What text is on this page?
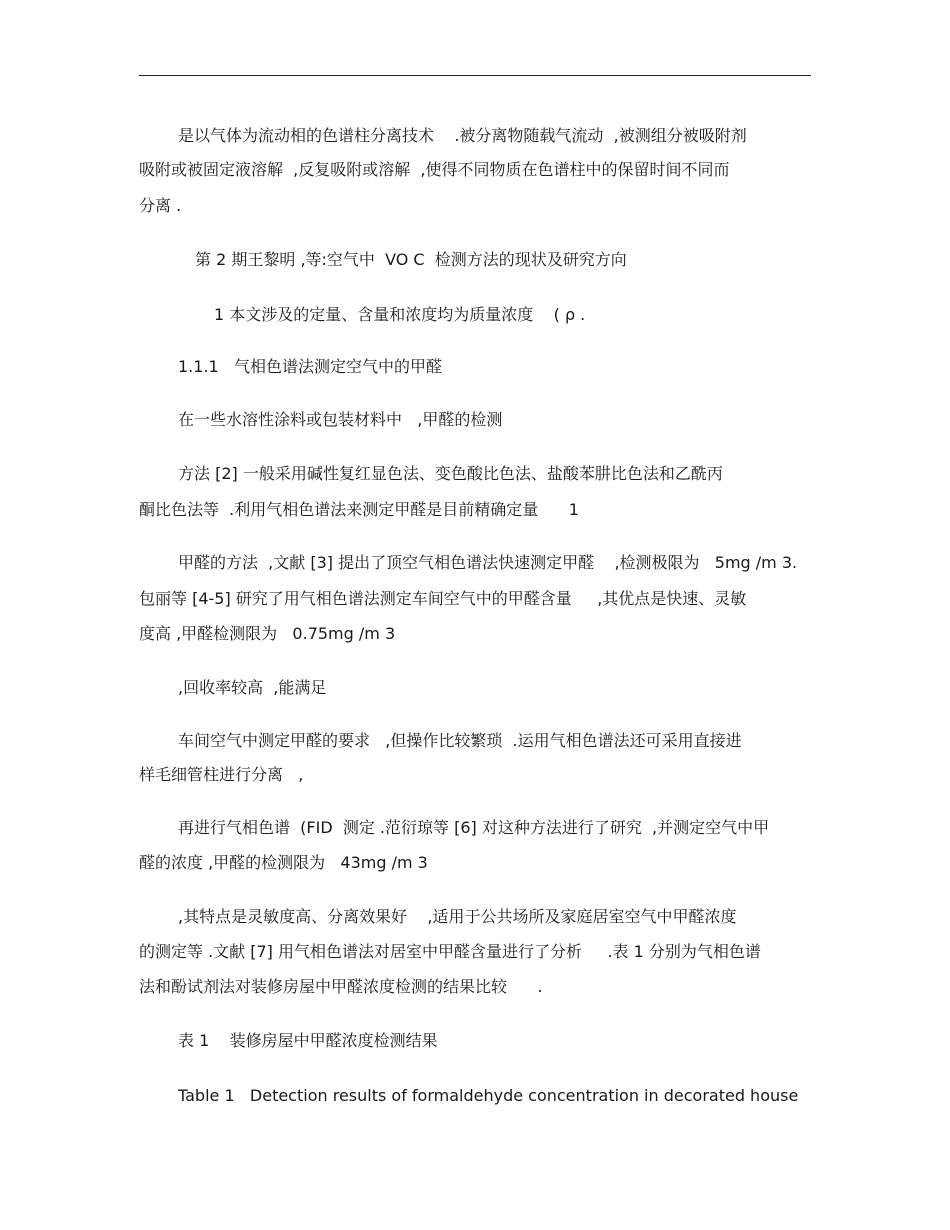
是以气体为流动相的色谱柱分离技术    .被分离物随载气流动  ,被测组分被吸附剂
吸附或被固定液溶解  ,反复吸附或溶解  ,使得不同物质在色谱柱中的保留时间不同而
分离 .
第 2 期王黎明 ,等:空气中  VO C  检测方法的现状及研究方向
1 本文涉及的定量、含量和浓度均为质量浓度    ( ρ .
1.1.1   气相色谱法测定空气中的甲醛
在一些水溶性涂料或包装材料中   ,甲醛的检测
方法 [2] 一般采用碱性复红显色法、变色酸比色法、盐酸苯肼比色法和乙酰丙
酮比色法等  .利用气相色谱法来测定甲醛是目前精确定量      1
甲醛的方法  ,文献 [3] 提出了顶空气相色谱法快速测定甲醛    ,检测极限为   5mg /m 3.
包丽等 [4-5] 研究了用气相色谱法测定车间空气中的甲醛含量     ,其优点是快速、灵敏
度高 ,甲醛检测限为   0.75mg /m 3
,回收率较高  ,能满足
车间空气中测定甲醛的要求   ,但操作比较繁琐  .运用气相色谱法还可采用直接进
样毛细管柱进行分离   ,
再进行气相色谱  (FID  测定 .范衍琼等 [6] 对这种方法进行了研究  ,并测定空气中甲
醛的浓度 ,甲醛的检测限为   43mg /m 3
,其特点是灵敏度高、分离效果好    ,适用于公共场所及家庭居室空气中甲醛浓度
的测定等 .文献 [7] 用气相色谱法对居室中甲醛含量进行了分析     .表 1 分别为气相色谱
法和酚试剂法对装修房屋中甲醛浓度检测的结果比较      .
表 1    装修房屋中甲醛浓度检测结果
Table 1   Detection results of formaldehyde concentration in decorated house
